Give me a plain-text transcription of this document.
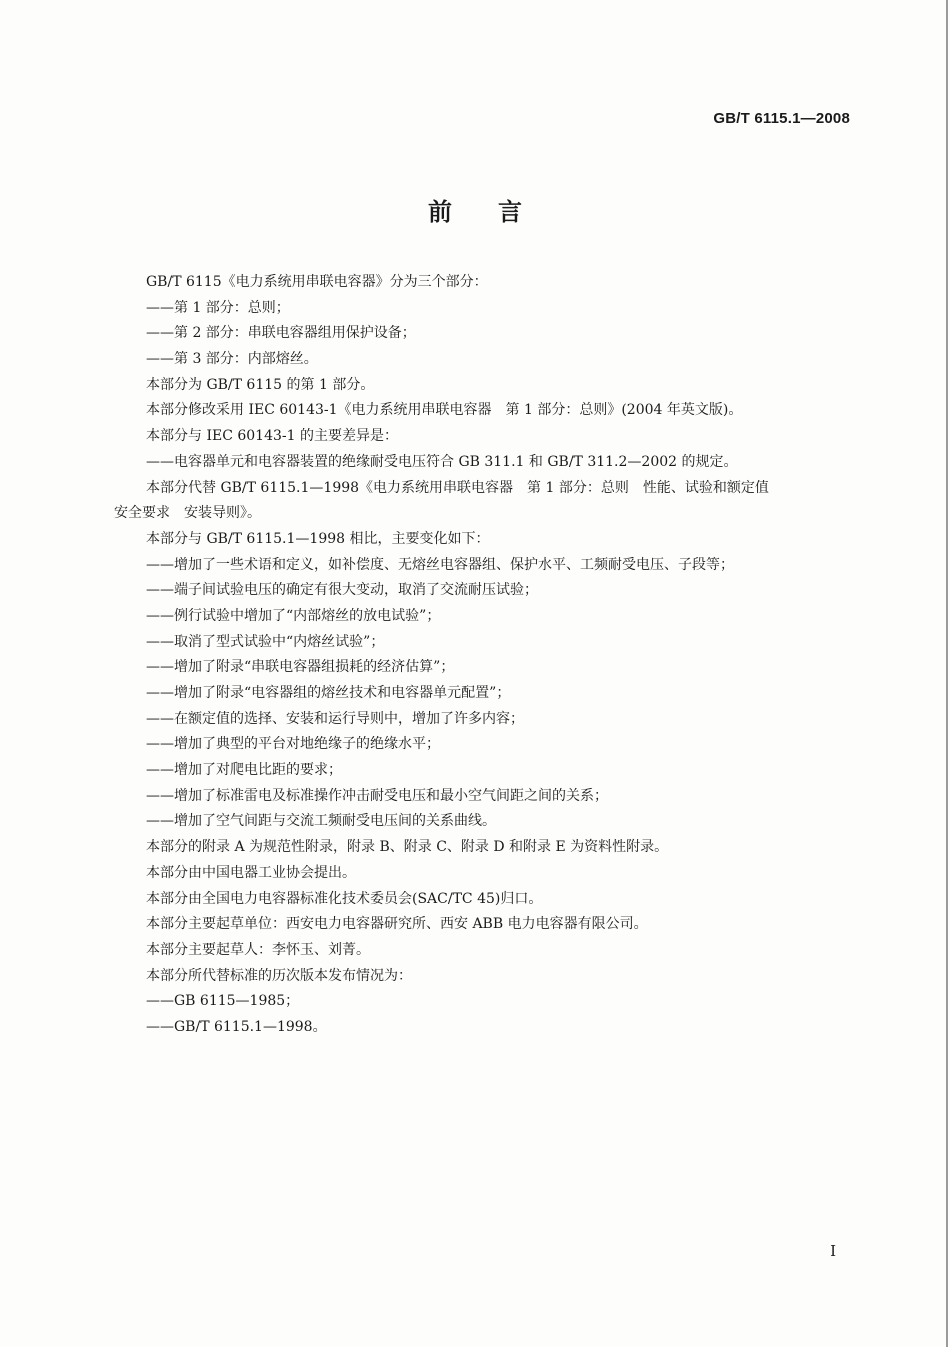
GB/T 6115.1—2008
前言
GB/T 6115《电力系统用串联电容器》分为三个部分：
——第 1 部分：总则；
——第 2 部分：串联电容器组用保护设备；
——第 3 部分：内部熔丝。
本部分为 GB/T 6115 的第 1 部分。
本部分修改采用 IEC 60143-1《电力系统用串联电容器　第 1 部分：总则》(2004 年英文版)。
本部分与 IEC 60143-1 的主要差异是：
——电容器单元和电容器装置的绝缘耐受电压符合 GB 311.1 和 GB/T 311.2—2002 的规定。
本部分代替 GB/T 6115.1—1998《电力系统用串联电容器　第 1 部分：总则　性能、试验和额定值
安全要求　安装导则》。
本部分与 GB/T 6115.1—1998 相比，主要变化如下：
——增加了一些术语和定义，如补偿度、无熔丝电容器组、保护水平、工频耐受电压、子段等；
——端子间试验电压的确定有很大变动，取消了交流耐压试验；
——例行试验中增加了“内部熔丝的放电试验”；
——取消了型式试验中“内熔丝试验”；
——增加了附录“串联电容器组损耗的经济估算”；
——增加了附录“电容器组的熔丝技术和电容器单元配置”；
——在额定值的选择、安装和运行导则中，增加了许多内容；
——增加了典型的平台对地绝缘子的绝缘水平；
——增加了对爬电比距的要求；
——增加了标准雷电及标准操作冲击耐受电压和最小空气间距之间的关系；
——增加了空气间距与交流工频耐受电压间的关系曲线。
本部分的附录 A 为规范性附录，附录 B、附录 C、附录 D 和附录 E 为资料性附录。
本部分由中国电器工业协会提出。
本部分由全国电力电容器标准化技术委员会(SAC/TC 45)归口。
本部分主要起草单位：西安电力电容器研究所、西安 ABB 电力电容器有限公司。
本部分主要起草人：李怀玉、刘菁。
本部分所代替标准的历次版本发布情况为：
——GB 6115—1985；
——GB/T 6115.1—1998。
I
